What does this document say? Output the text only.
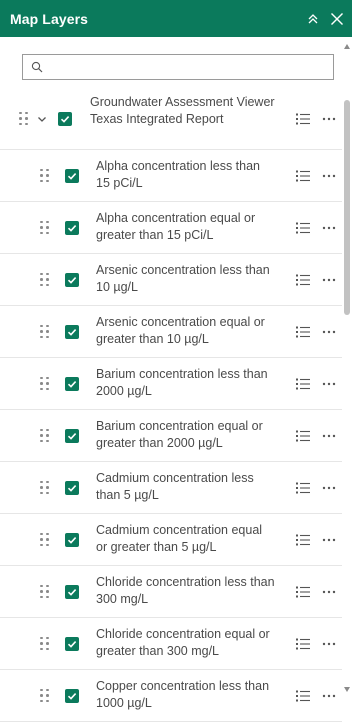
Map Layers
Groundwater Assessment Viewer Texas Integrated Report
Alpha concentration less than 15 pCi/L
Alpha concentration equal or greater than 15 pCi/L
Arsenic concentration less than 10 µg/L
Arsenic concentration equal or greater than 10 µg/L
Barium concentration less than 2000 µg/L
Barium concentration equal or greater than 2000 µg/L
Cadmium concentration less than 5 µg/L
Cadmium concentration equal or greater than 5 µg/L
Chloride concentration less than 300 mg/L
Chloride concentration equal or greater than 300 mg/L
Copper concentration less than 1000 µg/L
